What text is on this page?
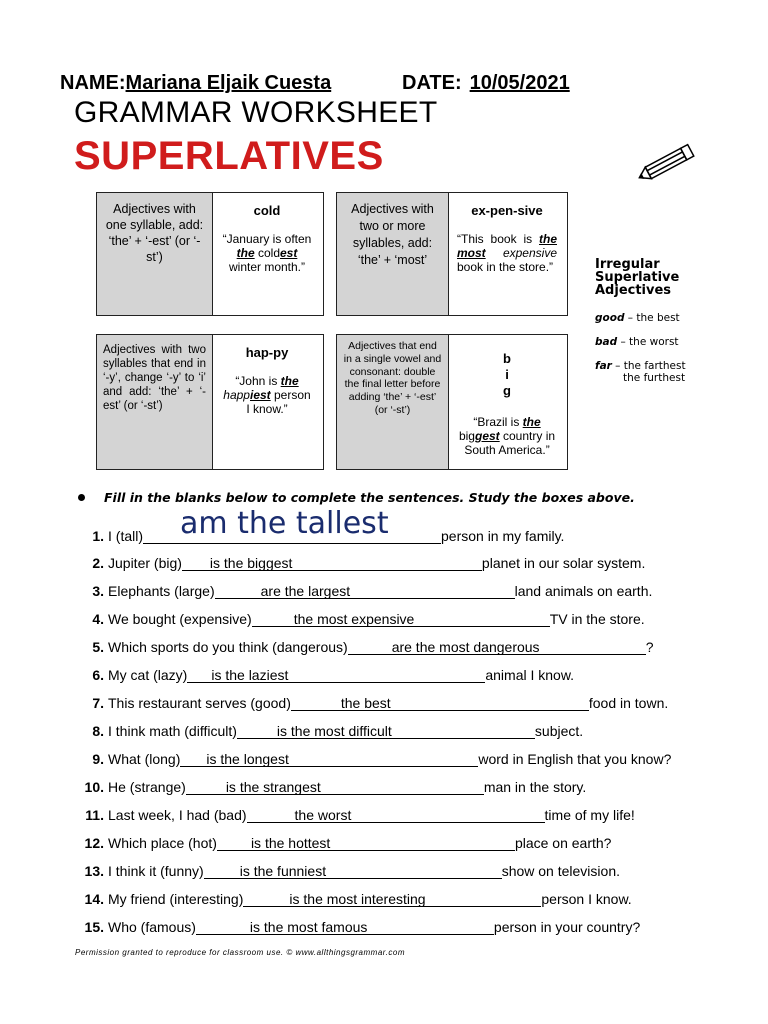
NAME:Mariana Eljaik Cuesta	DATE: 10/05/2021
GRAMMAR WORKSHEET
SUPERLATIVES
Adjectives with one syllable, add: ‘the’ + ‘-est’ (or ‘-st’)
cold
“January is often the coldest winter month.”
Adjectives with two or more syllables, add: ‘the’ + ‘most’
ex-pen-sive
“This book is the most expensive book in the store.”	Irregular
Superlative
Adjectives
good – the best
bad – the worst
far – the farthest
the furthest
Adjectives with two syllables that end in ‘-y’, change ‘-y’ to ‘i’ and add: ‘the’ + ‘-est’ (or ‘-st’)
hap-py
“John is the happiest person I know.”
Adjectives that end in a single vowel and consonant: double the final letter before adding ‘the’ + ‘-est’ (or ‘-st’)
b i g
“Brazil is the biggest country in South America.”
Fill in the blanks below to complete the sentences. Study the boxes above.
am the tallest
1. I (tall)	person in my family.
2. Jupiter (big) is the biggest	planet in our solar system.
3. Elephants (large)	are the largest	land animals on earth.
4. We bought (expensive)	the most expensive	TV in the store.
5. Which sports do you think (dangerous)	are the most dangerous	?
6. My cat (lazy) is the laziest	animal I know.
7. This restaurant serves (good)	the best	food in town.
8. I think math (difficult)	is the most difficult	subject.
9. What (long) is the longest	word in English that you know?
10. He (strange)	is the strangest	man in the story.
11. Last week, I had (bad)	the worst	time of my life!
12. Which place (hot) is the hottest	place on earth?
13. I think it (funny)	is the funniest	show on television.
14. My friend (interesting)	is the most interesting	person I know.
15. Who (famous)	is the most famous	person in your country?
Permission granted to reproduce for classroom use. © www.allthingsgrammar.com
